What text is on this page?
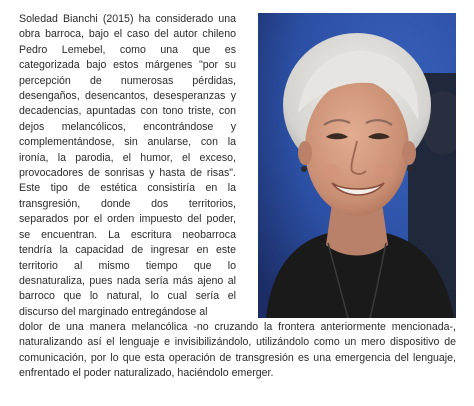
Soledad Bianchi (2015) ha considerado una
obra barroca, bajo el caso del autor chileno
Pedro Lemebel, como una que es
categorizada bajo estos márgenes "por su
percepción de numerosas pérdidas,
desengaños, desencantos, desesperanzas y
decadencias, apuntadas con tono triste, con
dejos melancólicos, encontrándose y
complementándose, sin anularse, con la
ironía, la parodia, el humor, el exceso,
provocadores de sonrisas y hasta de risas".
Este tipo de estética consistiría en la
transgresión, donde dos territorios,
separados por el orden impuesto del poder,
se encuentran. La escritura neobarroca
tendría la capacidad de ingresar en este
territorio al mismo tiempo que lo
desnaturaliza, pues nada sería más ajeno al
barroco que lo natural, lo cual sería el
discurso del marginado entregándose al
dolor de una manera melancólica -no cruzando la frontera anteriormente mencionada-,
naturalizando así el lenguaje e invisibilizándolo, utilizándolo como un mero dispositivo de
comunicación, por lo que esta operación de transgresión es una emergencia del lenguaje,
enfrentado el poder naturalizado, haciéndolo emerger.
